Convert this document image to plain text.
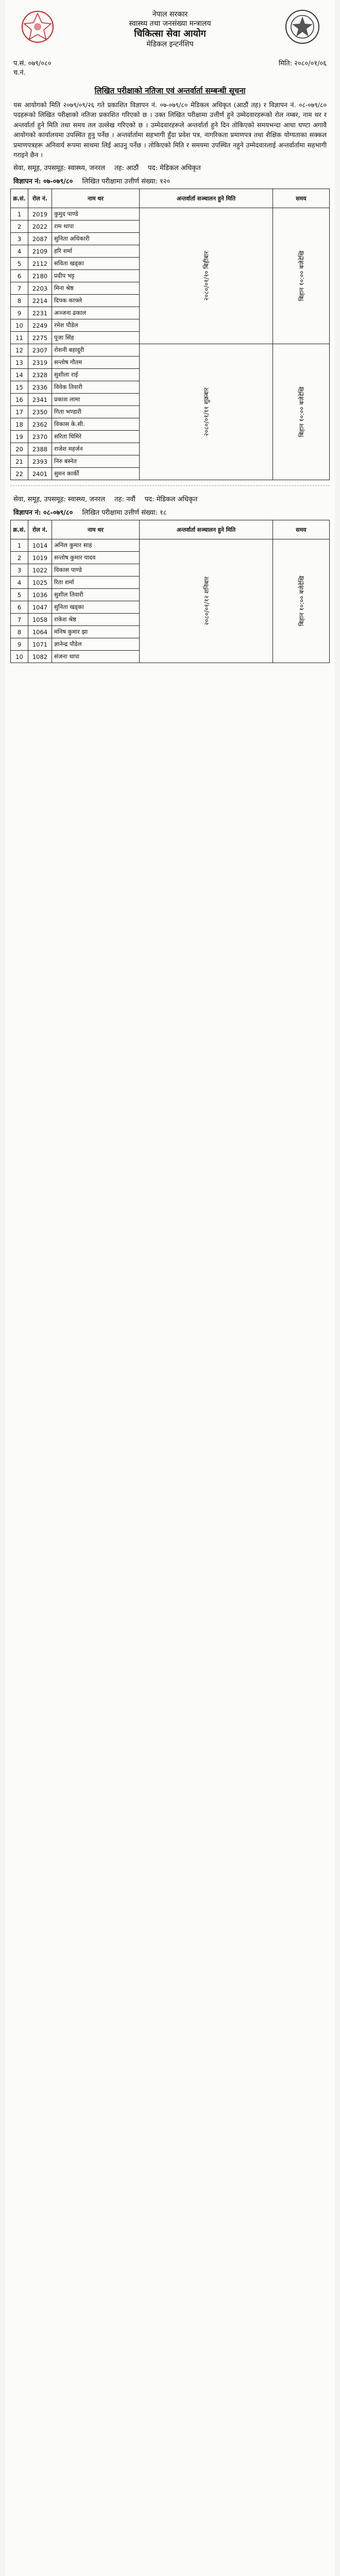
नेपाल सरकार
स्वास्थ्य तथा जनसंख्या मन्त्रालय
चिकित्सा सेवा आयोग
मेडिकल इन्टर्नशिप
प.सं. ०७९/०८०	मिति: २०८०/०१/०६
च.नं.
लिखित परीक्षाको नतिजा एवं अन्तर्वार्ता सम्बन्धी सूचना
यस आयोगको मिति २०७९/०९/२६ गते प्रकाशित विज्ञापन नं. ०७-०७९/८० मेडिकल अधिकृत (आठौं तह) र विज्ञापन नं. ०८-०७९/८० पदहरूको लिखित परीक्षाको नतिजा प्रकाशित गरिएको छ । उक्त लिखित परीक्षामा उत्तीर्ण हुने उम्मेदवारहरूको रोल नम्बर, नाम थर र अन्तर्वार्ता हुने मिति तथा समय तल उल्लेख गरिएको छ । उम्मेदवारहरूले अन्तर्वार्ता हुने दिन तोकिएको समयभन्दा आधा घण्टा अगावै आयोगको कार्यालयमा उपस्थित हुनु पर्नेछ । अन्तर्वार्तामा सहभागी हुँदा प्रवेश पत्र, नागरिकता प्रमाणपत्र तथा शैक्षिक योग्यताका सक्कल प्रमाणपत्रहरू अनिवार्य रूपमा साथमा लिई आउनु पर्नेछ । तोकिएको मिति र समयमा उपस्थित नहुने उम्मेदवारलाई अन्तर्वार्तामा सहभागी गराइने छैन ।
सेवा, समूह, उपसमूह: स्वास्थ्य, जनरल तह: आठौं पद: मेडिकल अधिकृत
विज्ञापन नं: ०७-०७९/८० लिखित परीक्षामा उत्तीर्ण संख्या: १२०
क्र.सं.	रोल नं.	नाम थर	अन्तर्वार्ता सञ्चालन हुने मिति	समय
1	2019	कुमुद पाण्डे	२०८०/०१/१० बिहीबार	बिहान १०:०० बजेदेखि
2	2022	राम थापा		
3	2087	सुनिता अधिकारी		
4	2109	हरि शर्मा		
5	2112	सविता खड्का		
6	2180	प्रदीप भट्ट		
7	2203	मिना श्रेष्ठ		
8	2214	दिपक काफ्ले		
9	2231	अञ्जना ढकाल		
10	2249	रमेश पौडेल		
11	2275	पूजा सिंह		
12	2307	रोशनी बहादुरी	२०८०/०१/११ शुक्रबार	बिहान १०:०० बजेदेखि
13	2319	सन्तोष गौतम		
14	2328	सुशीला राई		
15	2336	विवेक तिवारी		
16	2341	प्रकाश लामा		
17	2350	गिता भण्डारी		
18	2362	विकास के.सी.		
19	2370	सरिता घिमिरे		
20	2388	राजेश महर्जन		
21	2393	निरु बस्नेत		
22	2401	सुमन कार्की		
सेवा, समूह, उपसमूह: स्वास्थ्य, जनरल तह: नवौं पद: मेडिकल अधिकृत
विज्ञापन नं: ०८-०७९/८० लिखित परीक्षामा उत्तीर्ण संख्या: १८
क्र.सं.	रोल नं.	नाम थर	अन्तर्वार्ता सञ्चालन हुने मिति	समय
1	1014	अनिल कुमार साह	२०८०/०१/१२ शनिबार	बिहान १०:०० बजेदेखि
2	1019	सन्तोष कुमार यादव		
3	1022	विकास पाण्डे		
4	1025	रिता शर्मा		
5	1036	सुशील तिवारी		
6	1047	सुनिता खड्का		
7	1058	राकेश श्रेष्ठ		
8	1064	मनिष कुमार झा		
9	1071	ज्ञानेन्द्र पौडेल		
10	1082	संजना थापा		
